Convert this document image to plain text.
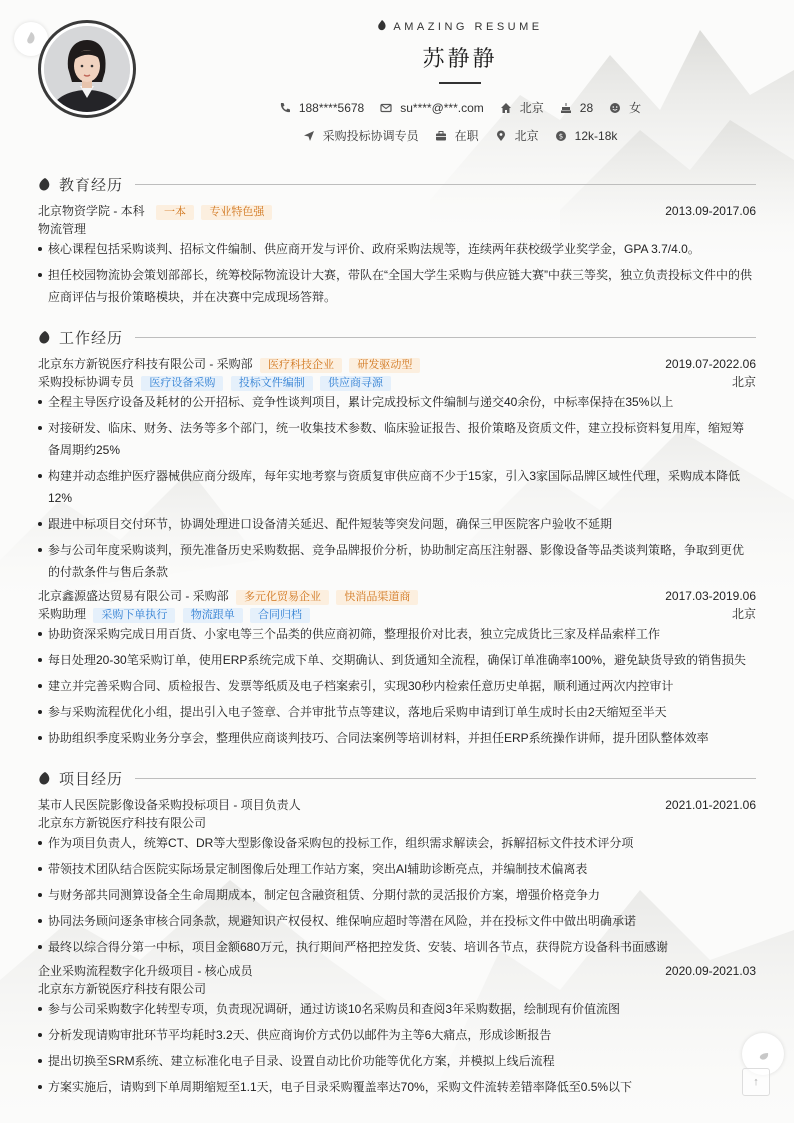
↑
AMAZING RESUME
苏静静
188****5678	su****@***.com	北京	28	女
采购投标协调专员	在职	北京	$ 12k-18k
教育经历
北京物资学院 - 本科 一本 专业特色强	2013.09-2017.06
物流管理
核心课程包括采购谈判、招标文件编制、供应商开发与评价、政府采购法规等，连续两年获校级学业奖学金，GPA 3.7/4.0。
担任校园物流协会策划部部长，统筹校际物流设计大赛，带队在“全国大学生采购与供应链大赛”中获三等奖，独立负责投标文件中的供
应商评估与报价策略模块，并在决赛中完成现场答辩。
工作经历
北京东方新锐医疗科技有限公司 - 采购部 医疗科技企业 研发驱动型	2019.07-2022.06
采购投标协调专员 医疗设备采购 投标文件编制 供应商寻源	北京
全程主导医疗设备及耗材的公开招标、竞争性谈判项目，累计完成投标文件编制与递交40余份，中标率保持在35%以上
对接研发、临床、财务、法务等多个部门，统一收集技术参数、临床验证报告、报价策略及资质文件，建立投标资料复用库，缩短筹
备周期约25%
构建并动态维护医疗器械供应商分级库，每年实地考察与资质复审供应商不少于15家，引入3家国际品牌区域性代理，采购成本降低
12%
跟进中标项目交付环节，协调处理进口设备清关延迟、配件短装等突发问题，确保三甲医院客户验收不延期
参与公司年度采购谈判，预先准备历史采购数据、竞争品牌报价分析，协助制定高压注射器、影像设备等品类谈判策略，争取到更优
的付款条件与售后条款
北京鑫源盛达贸易有限公司 - 采购部 多元化贸易企业 快消品渠道商	2017.03-2019.06
采购助理 采购下单执行 物流跟单 合同归档	北京
协助资深采购完成日用百货、小家电等三个品类的供应商初筛，整理报价对比表，独立完成货比三家及样品索样工作
每日处理20-30笔采购订单，使用ERP系统完成下单、交期确认、到货通知全流程，确保订单准确率100%，避免缺货导致的销售损失
建立并完善采购合同、质检报告、发票等纸质及电子档案索引，实现30秒内检索任意历史单据，顺利通过两次内控审计
参与采购流程优化小组，提出引入电子签章、合并审批节点等建议，落地后采购申请到订单生成时长由2天缩短至半天
协助组织季度采购业务分享会，整理供应商谈判技巧、合同法案例等培训材料，并担任ERP系统操作讲师，提升团队整体效率
项目经历
某市人民医院影像设备采购投标项目 - 项目负责人	2021.01-2021.06
北京东方新锐医疗科技有限公司
作为项目负责人，统筹CT、DR等大型影像设备采购包的投标工作，组织需求解读会，拆解招标文件技术评分项
带领技术团队结合医院实际场景定制图像后处理工作站方案，突出AI辅助诊断亮点，并编制技术偏离表
与财务部共同测算设备全生命周期成本，制定包含融资租赁、分期付款的灵活报价方案，增强价格竞争力
协同法务顾问逐条审核合同条款，规避知识产权侵权、维保响应超时等潜在风险，并在投标文件中做出明确承诺
最终以综合得分第一中标，项目金额680万元，执行期间严格把控发货、安装、培训各节点，获得院方设备科书面感谢
企业采购流程数字化升级项目 - 核心成员	2020.09-2021.03
北京东方新锐医疗科技有限公司
参与公司采购数字化转型专项，负责现况调研，通过访谈10名采购员和查阅3年采购数据，绘制现有价值流图
分析发现请购审批环节平均耗时3.2天、供应商询价方式仍以邮件为主等6大痛点，形成诊断报告
提出切换至SRM系统、建立标准化电子目录、设置自动比价功能等优化方案，并模拟上线后流程
方案实施后，请购到下单周期缩短至1.1天，电子目录采购覆盖率达70%，采购文件流转差错率降低至0.5%以下
